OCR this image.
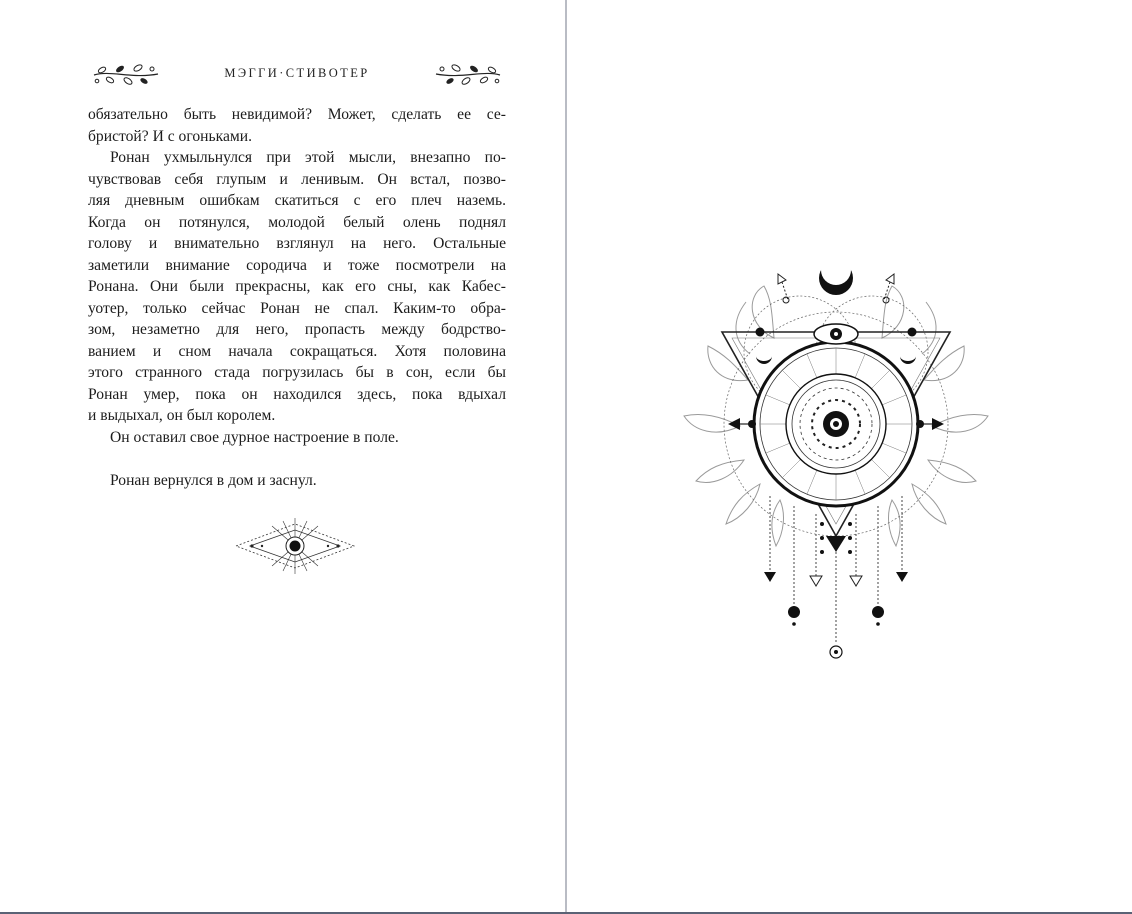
МЭГГИ·СТИВОТЕР

обязательно быть невидимой? Может, сделать ее се-
бристой? И с огоньками.

Ронан ухмыльнулся при этой мысли, внезапно по-
чувствовав себя глупым и ленивым. Он встал, позво-
ляя дневным ошибкам скатиться с его плеч наземь.
Когда он потянулся, молодой белый олень поднял
голову и внимательно взглянул на него. Остальные
заметили внимание сородича и тоже посмотрели на
Ронана. Они были прекрасны, как его сны, как Кабес-
уотер, только сейчас Ронан не спал. Каким-то обра-
зом, незаметно для него, пропасть между бодрство-
ванием и сном начала сокращаться. Хотя половина
этого странного стада погрузилась бы в сон, если бы
Ронан умер, пока он находился здесь, пока вдыхал
и выдыхал, он был королем.

Он оставил свое дурное настроение в поле.

Ронан вернулся в дом и заснул.
